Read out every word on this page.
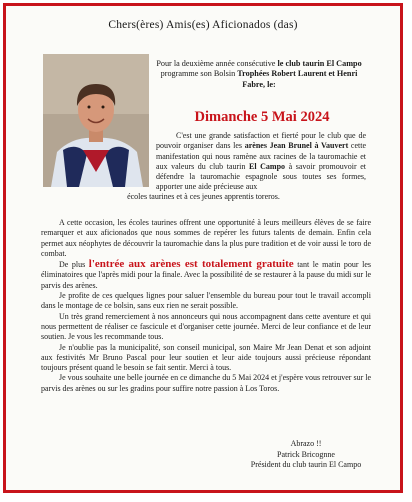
Chers(ères) Amis(es) Aficionados (das)
Pour la deuxième année consécutive le club taurin El Campo programme son Bolsin Trophées Robert Laurent et Henri Fabre, le:
Dimanche 5 Mai 2024
C'est une grande satisfaction et fierté pour le club que de pouvoir organiser dans les arènes Jean Brunel à Vauvert cette manifestation qui nous ramène aux racines de la tauromachie et aux valeurs du club taurin El Campo à savoir promouvoir et défendre la tauromachie espagnole sous toutes ses formes, apporter une aide précieuse aux
écoles taurines et à ces jeunes apprentis toreros.

A cette occasion, les écoles taurines offrent une opportunité à leurs meilleurs élèves de se faire remarquer et aux aficionados que nous sommes de repérer les futurs talents de demain. Enfin cela permet aux néophytes de découvrir la tauromachie dans la plus pure tradition et de voir aussi le toro de combat.

De plus l'entrée aux arènes est totalement gratuite tant le matin pour les éliminatoires que l'après midi pour la finale. Avec la possibilité de se restaurer à la pause du midi sur le parvis des arènes.

Je profite de ces quelques lignes pour saluer l'ensemble du bureau pour tout le travail accompli dans le montage de ce bolsin, sans eux rien ne serait possible.

Un très grand remerciement à nos annonceurs qui nous accompagnent dans cette aventure et qui nous permettent de réaliser ce fascicule et d'organiser cette journée. Merci de leur confiance et de leur soutien. Je vous les recommande tous.

Je n'oublie pas la municipalité, son conseil municipal, son Maire Mr Jean Denat et son adjoint aux festivités Mr Bruno Pascal pour leur soutien et leur aide toujours aussi précieuse répondant toujours présent quand le besoin se fait sentir. Merci à tous.

Je vous souhaite une belle journée en ce dimanche du 5 Mai 2024 et j'espère vous retrouver sur le parvis des arènes ou sur les gradins pour suffire notre passion à Los Toros.

Abrazo !!
Patrick Bricognne
Président du club taurin El Campo
